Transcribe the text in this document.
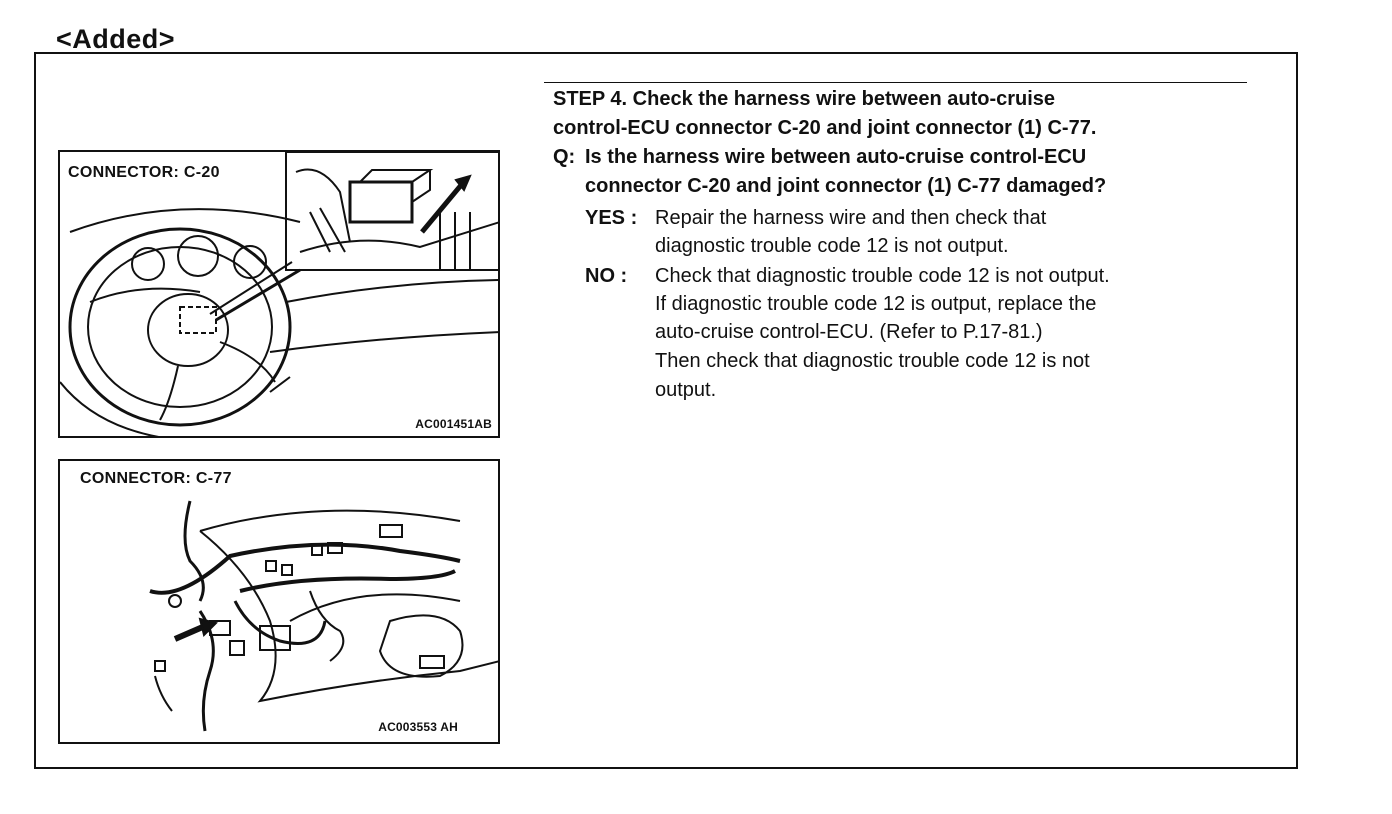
<Added>
CONNECTOR: C-20
AC001451AB
CONNECTOR: C-77
AC003553 AH
STEP 4. Check the harness wire between auto-cruise
control-ECU connector C-20 and joint connector (1) C-77.
Q: Is the harness wire between auto-cruise control-ECU
connector C-20 and joint connector (1) C-77 damaged?
YES : Repair the harness wire and then check that
diagnostic trouble code 12 is not output.
NO : Check that diagnostic trouble code 12 is not output.
If diagnostic trouble code 12 is output, replace the
auto-cruise control-ECU. (Refer to P.17-81.)
Then check that diagnostic trouble code 12 is not
output.
